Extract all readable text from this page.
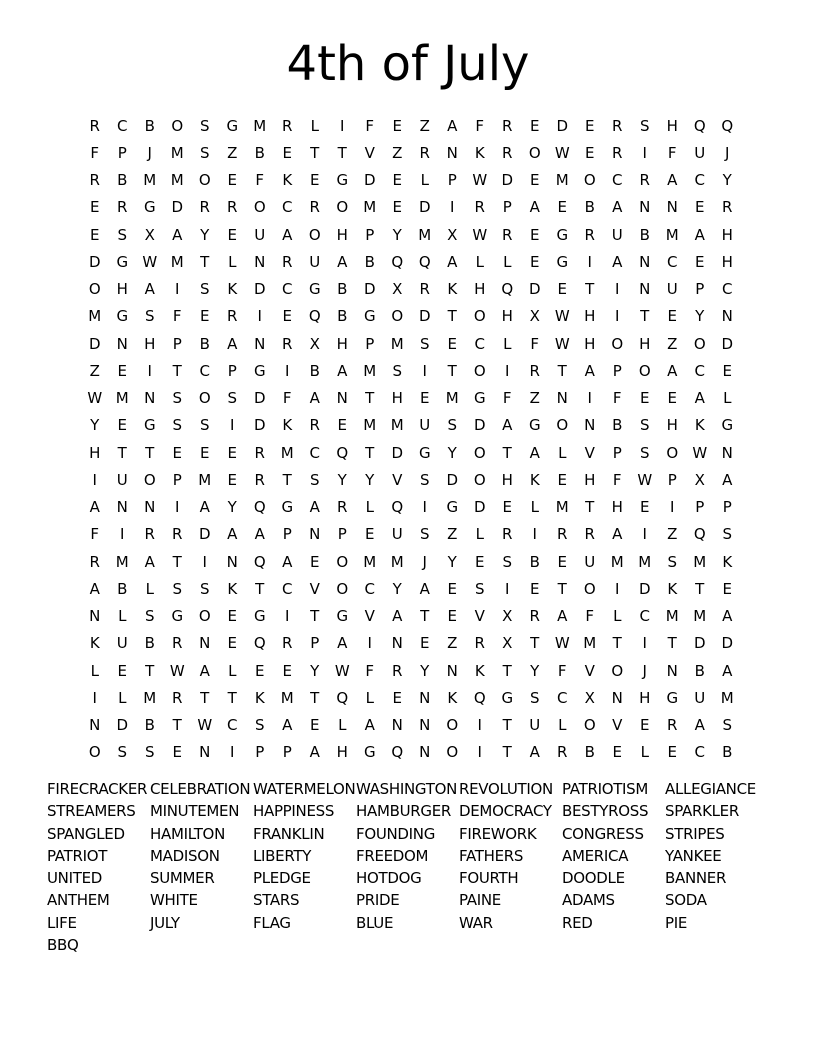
4th of July
R	C	B	O	S	G	M	R	L	I	F	E	Z	A	F	R	E	D	E	R	S	H	Q	Q
F	P	J	M	S	Z	B	E	T	T	V	Z	R	N	K	R	O W	E	R	I	F	U	J
R	B	M M	O	E	F	K	E	G	D	E	L	P	W D	E	M	O	C	R	A	C	Y
E	R	G	D	R	R	O	C	R	O	M	E	D	I	R	P	A	E	B	A	N	N	E	R
E	S	X	A	Y	E	U	A	O	H	P	Y	M	X W R	E	G	R	U	B	M	A	H
D	G W M	T	L	N	R	U	A	B	Q	Q	A	L	L	E	G	I	A	N	C	E	H
O	H	A	I	S	K	D	C	G	B	D	X	R	K	H	Q	D	E	T	I	N	U	P	C
M	G	S	F	E	R	I	E	Q	B	G	O	D	T	O	H	X W H	I	T	E	Y	N
D	N	H	P	B	A	N	R	X	H	P	M	S	E	C	L	F	W H	O	H	Z	O	D
Z	E	I	T	C	P	G	I	B	A	M	S	I	T	O	I	R	T	A	P	O	A	C	E
W M	N	S	O	S	D	F	A	N	T	H	E	M	G	F	Z	N	I	F	E	E	A	L
Y	E	G	S	S	I	D	K	R	E	M M	U	S	D	A	G	O	N	B	S	H	K	G
H	T	T	E	E	E	R	M	C	Q	T	D	G	Y	O	T	A	L	V	P	S	O W N
I	U	O	P	M	E	R	T	S	Y	Y	V	S	D	O	H	K	E	H	F	W	P	X	A
A	N	N	I	A	Y	Q	G	A	R	L	Q	I	G	D	E	L	M	T	H	E	I	P	P
F	I	R	R	D	A	A	P	N	P	E	U	S	Z	L	R	I	R	R	A	I	Z	Q	S
R	M	A	T	I	N	Q	A	E	O	M M	J	Y	E	S	B	E	U	M M	S	M	K
A	B	L	S	S	K	T	C	V	O	C	Y	A	E	S	I	E	T	O	I	D	K	T	E
N	L	S	G	O	E	G	I	T	G	V	A	T	E	V	X	R	A	F	L	C	M M	A
K	U	B	R	N	E	Q	R	P	A	I	N	E	Z	R	X	T	W M	T	I	T	D	D
L	E	T	W A	L	E	E	Y	W	F	R	Y	N	K	T	Y	F	V	O	J	N	B	A
I	L	M	R	T	T	K	M	T	Q	L	E	N	K	Q	G	S	C	X	N	H	G	U	M
N	D	B	T	W C	S	A	E	L	A	N	N	O	I	T	U	L	O	V	E	R	A	S
O	S	S	E	N	I	P	P	A	H	G	Q	N	O	I	T	A	R	B	E	L	E	C	B
FIRECRACKER CELEBRATION WATERMELON WASHINGTON REVOLUTION PATRIOTISM	ALLEGIANCE
STREAMERS MINUTEMEN HAPPINESS	HAMBURGER DEMOCRACY BESTYROSS	SPARKLER
SPANGLED	HAMILTON	FRANKLIN	FOUNDING	FIREWORK	CONGRESS	STRIPES
PATRIOT	MADISON	LIBERTY	FREEDOM	FATHERS	AMERICA	YANKEE
UNITED	SUMMER	PLEDGE	HOTDOG	FOURTH	DOODLE	BANNER
ANTHEM	WHITE	STARS	PRIDE	PAINE	ADAMS	SODA
LIFE	JULY	FLAG	BLUE	WAR	RED	PIE
BBQ
